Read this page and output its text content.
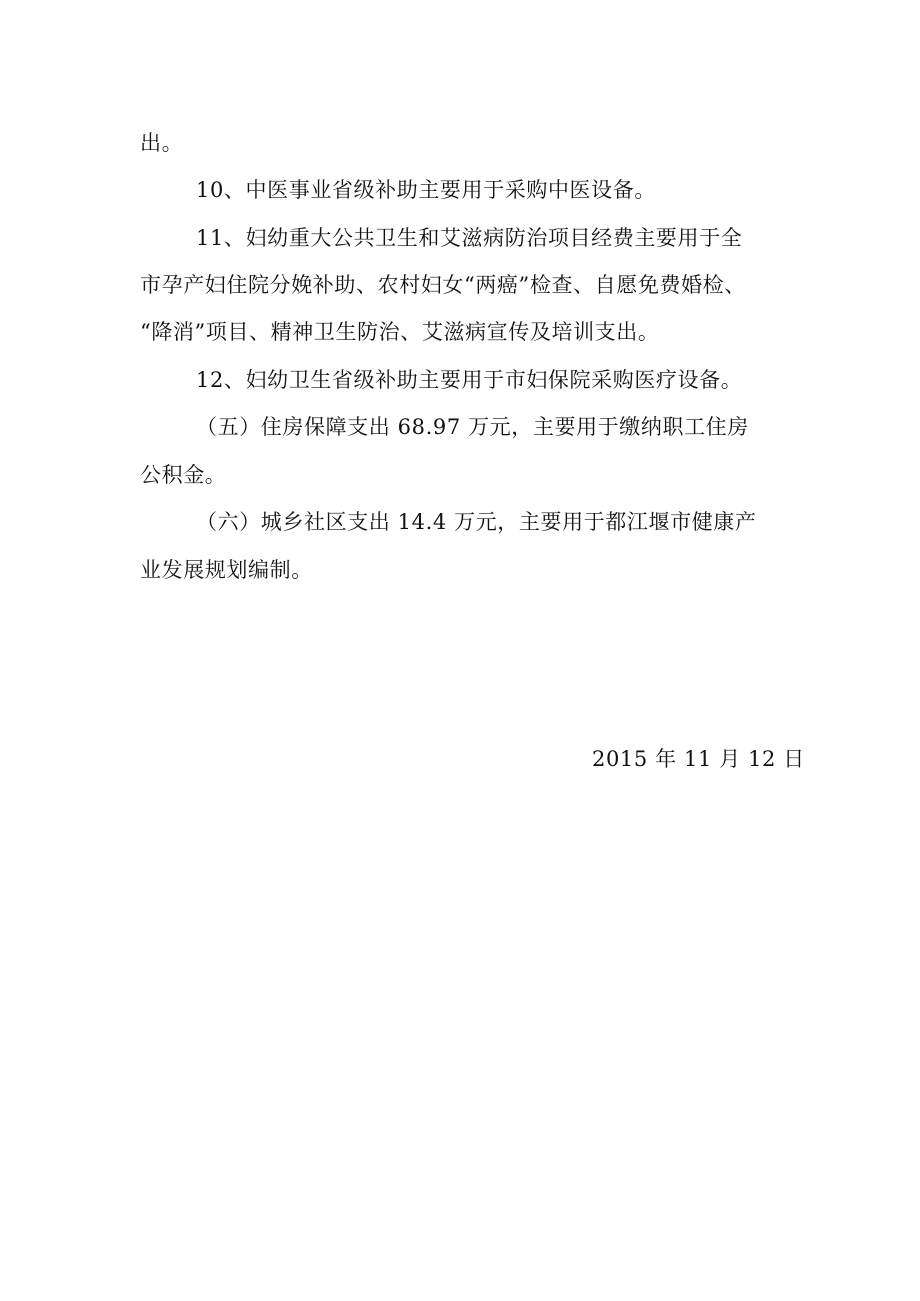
出。
10、中医事业省级补助主要用于采购中医设备。
11、妇幼重大公共卫生和艾滋病防治项目经费主要用于全
市孕产妇住院分娩补助、农村妇女“两癌”检查、自愿免费婚检、
“降消”项目、精神卫生防治、艾滋病宣传及培训支出。
12、妇幼卫生省级补助主要用于市妇保院采购医疗设备。
（五）住房保障支出 68.97 万元，主要用于缴纳职工住房
公积金。
（六）城乡社区支出 14.4 万元，主要用于都江堰市健康产
业发展规划编制。
2015 年 11 月 12 日
